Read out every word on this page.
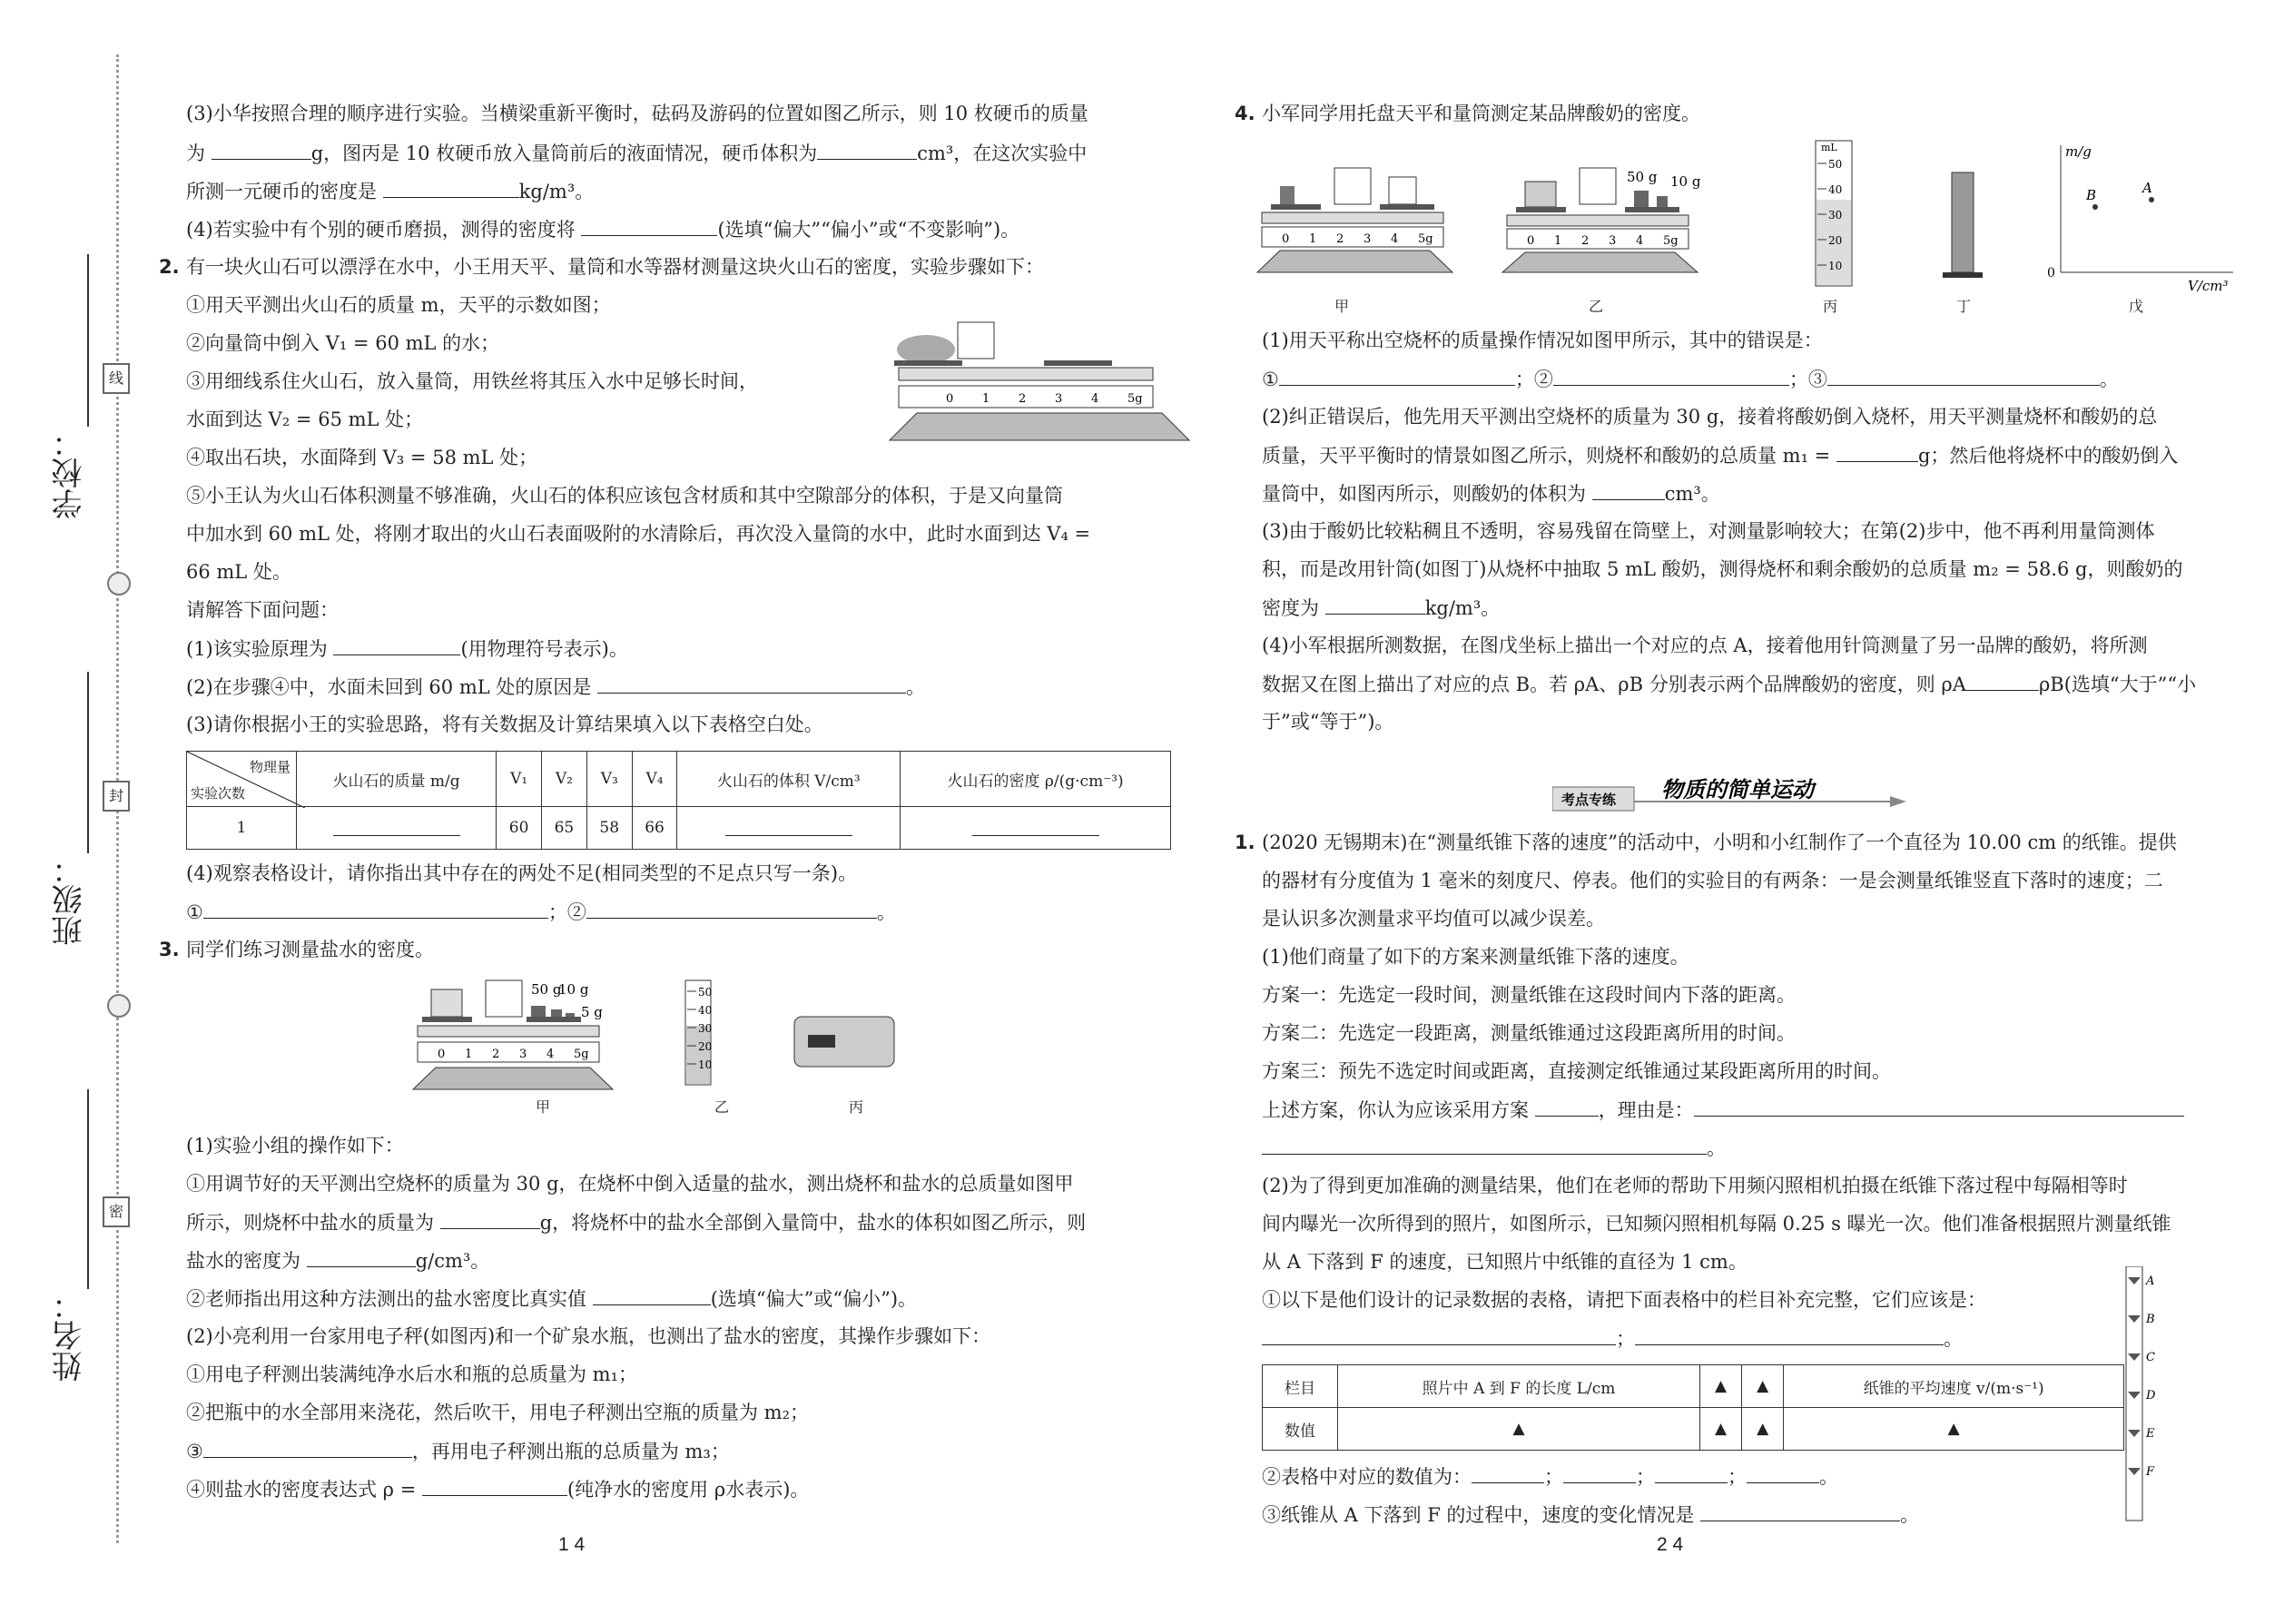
学校：
线
班级：
封
姓名：
密
(3)小华按照合理的顺序进行实验。当横梁重新平衡时，砝码及游码的位置如图乙所示，则 10 枚硬币的质量
为	g，图丙是 10 枚硬币放入量筒前后的液面情况，硬币体积为	cm³，在这次实验中
所测一元硬币的密度是	kg/m³。
(4)若实验中有个别的硬币磨损，测得的密度将	(选填“偏大”“偏小”或“不变影响”)。
2. 有一块火山石可以漂浮在水中，小王用天平、量筒和水等器材测量这块火山石的密度，实验步骤如下：
①用天平测出火山石的质量 m，天平的示数如图；
②向量筒中倒入 V₁ = 60 mL 的水；
③用细线系住火山石，放入量筒，用铁丝将其压入水中足够长时间，
水面到达 V₂ = 65 mL 处；
④取出石块，水面降到 V₃ = 58 mL 处；
⑤小王认为火山石体积测量不够准确，火山石的体积应该包含材质和其中空隙部分的体积，于是又向量筒
中加水到 60 mL 处，将刚才取出的火山石表面吸附的水清除后，再次没入量筒的水中，此时水面到达 V₄ =
66 mL 处。
请解答下面问题：
(1)该实验原理为	(用物理符号表示)。
(2)在步骤④中，水面未回到 60 mL 处的原因是	。
(3)请你根据小王的实验思路，将有关数据及计算结果填入以下表格空白处。
0 1 2 3 4 5g
物理量
实验次数	火山石的质量 m/g	V₁	V₂	V₃	V₄	火山石的体积 V/cm³	火山石的密度 ρ/(g·cm⁻³)
1		60	65	58	66		
(4)观察表格设计，请你指出其中存在的两处不足(相同类型的不足点只写一条)。
①	；②	。
3. 同学们练习测量盐水的密度。
50 g
10 g
5 g
0 1 2 3 4 5g
50
40
30
20
10
甲	乙	丙
(1)实验小组的操作如下：
①用调节好的天平测出空烧杯的质量为 30 g，在烧杯中倒入适量的盐水，测出烧杯和盐水的总质量如图甲
所示，则烧杯中盐水的质量为	g，将烧杯中的盐水全部倒入量筒中，盐水的体积如图乙所示，则
盐水的密度为	g/cm³。
②老师指出用这种方法测出的盐水密度比真实值	(选填“偏大”或“偏小”)。
(2)小亮利用一台家用电子秤(如图丙)和一个矿泉水瓶，也测出了盐水的密度，其操作步骤如下：
①用电子秤测出装满纯净水后水和瓶的总质量为 m₁；
②把瓶中的水全部用来浇花，然后吹干，用电子秤测出空瓶的质量为 m₂；
③	，再用电子秤测出瓶的总质量为 m₃；
④则盐水的密度表达式 ρ =	(纯净水的密度用 ρ水表示)。
1 4
4. 小军同学用托盘天平和量筒测定某品牌酸奶的密度。
0 1 2 3 4 5g
50 g 10 g
0 1 2 3 4 5g
mL
50
40
30
20
10
m/g
V/cm³
0
A
B
甲	乙	丙	丁	戊
(1)用天平称出空烧杯的质量操作情况如图甲所示，其中的错误是：
①	；②	；③	。
(2)纠正错误后，他先用天平测出空烧杯的质量为 30 g，接着将酸奶倒入烧杯，用天平测量烧杯和酸奶的总
质量，天平平衡时的情景如图乙所示，则烧杯和酸奶的总质量 m₁ =	g；然后他将烧杯中的酸奶倒入
量筒中，如图丙所示，则酸奶的体积为	cm³。
(3)由于酸奶比较粘稠且不透明，容易残留在筒壁上，对测量影响较大；在第(2)步中，他不再利用量筒测体
积，而是改用针筒(如图丁)从烧杯中抽取 5 mL 酸奶，测得烧杯和剩余酸奶的总质量 m₂ = 58.6 g，则酸奶的
密度为	kg/m³。
(4)小军根据所测数据，在图戊坐标上描出一个对应的点 A，接着他用针筒测量了另一品牌的酸奶，将所测
数据又在图上描出了对应的点 B。若 ρA、ρB 分别表示两个品牌酸奶的密度，则 ρA	ρB(选填“大于”“小
于”或“等于”)。
考点专练 物质的简单运动
1. (2020 无锡期末)在“测量纸锥下落的速度”的活动中，小明和小红制作了一个直径为 10.00 cm 的纸锥。提供
的器材有分度值为 1 毫米的刻度尺、停表。他们的实验目的有两条：一是会测量纸锥竖直下落时的速度；二
是认识多次测量求平均值可以减少误差。
(1)他们商量了如下的方案来测量纸锥下落的速度。
方案一：先选定一段时间，测量纸锥在这段时间内下落的距离。
方案二：先选定一段距离，测量纸锥通过这段距离所用的时间。
方案三：预先不选定时间或距离，直接测定纸锥通过某段距离所用的时间。
上述方案，你认为应该采用方案	，理由是：
。
(2)为了得到更加准确的测量结果，他们在老师的帮助下用频闪照相机拍摄在纸锥下落过程中每隔相等时
间内曝光一次所得到的照片，如图所示，已知频闪照相机每隔 0.25 s 曝光一次。他们准备根据照片测量纸锥
从 A 下落到 F 的速度，已知照片中纸锥的直径为 1 cm。
①以下是他们设计的记录数据的表格，请把下面表格中的栏目补充完整，它们应该是：
；	。
栏目	照片中 A 到 F 的长度 L/cm	▲	▲	纸锥的平均速度 v/(m·s⁻¹)
数值	▲	▲	▲	▲
②表格中对应的数值为：	；	；	；	。
③纸锥从 A 下落到 F 的过程中，速度的变化情况是	。
A
B
C
D
E
F
2 4
